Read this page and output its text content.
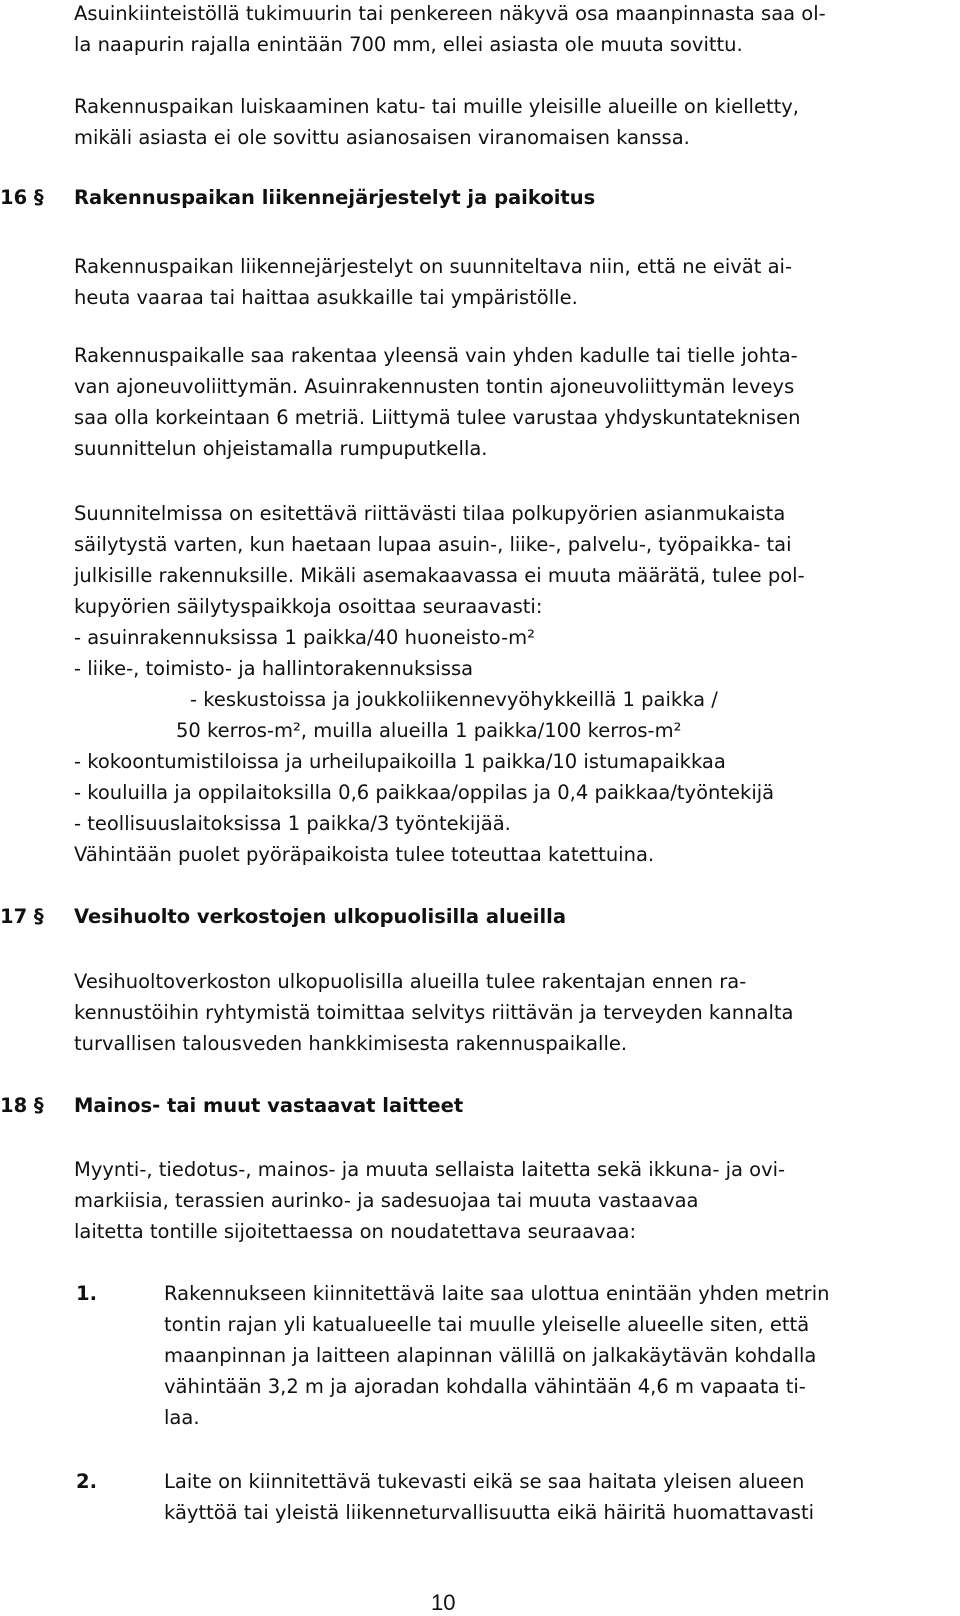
Asuinkiinteistöllä tukimuurin tai penkereen näkyvä osa maanpinnasta saa ol-
la naapurin rajalla enintään 700 mm, ellei asiasta ole muuta sovittu.
Rakennuspaikan luiskaaminen katu- tai muille yleisille alueille on kielletty,
mikäli asiasta ei ole sovittu asianosaisen viranomaisen kanssa.
16 § Rakennuspaikan liikennejärjestelyt ja paikoitus
Rakennuspaikan liikennejärjestelyt on suunniteltava niin, että ne eivät ai-
heuta vaaraa tai haittaa asukkaille tai ympäristölle.
Rakennuspaikalle saa rakentaa yleensä vain yhden kadulle tai tielle johta-
van ajoneuvoliittymän. Asuinrakennusten tontin ajoneuvoliittymän leveys
saa olla korkeintaan 6 metriä. Liittymä tulee varustaa yhdyskuntateknisen
suunnittelun ohjeistamalla rumpuputkella.
Suunnitelmissa on esitettävä riittävästi tilaa polkupyörien asianmukaista
säilytystä varten, kun haetaan lupaa asuin-, liike-, palvelu-, työpaikka- tai
julkisille rakennuksille. Mikäli asemakaavassa ei muuta määrätä, tulee pol-
kupyörien säilytyspaikkoja osoittaa seuraavasti:
- asuinrakennuksissa 1 paikka/40 huoneisto-m²
- liike-, toimisto- ja hallintorakennuksissa
- keskustoissa ja joukkoliikennevyöhykkeillä 1 paikka /
50 kerros-m², muilla alueilla 1 paikka/100 kerros-m²
- kokoontumistiloissa ja urheilupaikoilla 1 paikka/10 istumapaikkaa
- kouluilla ja oppilaitoksilla 0,6 paikkaa/oppilas ja 0,4 paikkaa/työntekijä
- teollisuuslaitoksissa 1 paikka/3 työntekijää.
Vähintään puolet pyöräpaikoista tulee toteuttaa katettuina.
17 § Vesihuolto verkostojen ulkopuolisilla alueilla
Vesihuoltoverkoston ulkopuolisilla alueilla tulee rakentajan ennen ra-
kennustöihin ryhtymistä toimittaa selvitys riittävän ja terveyden kannalta
turvallisen talousveden hankkimisesta rakennuspaikalle.
18 § Mainos- tai muut vastaavat laitteet
Myynti-, tiedotus-, mainos- ja muuta sellaista laitetta sekä ikkuna- ja ovi-
markiisia, terassien aurinko- ja sadesuojaa tai muuta vastaavaa
laitetta tontille sijoitettaessa on noudatettava seuraavaa:
1.	Rakennukseen kiinnitettävä laite saa ulottua enintään yhden metrin
tontin rajan yli katualueelle tai muulle yleiselle alueelle siten, että
maanpinnan ja laitteen alapinnan välillä on jalkakäytävän kohdalla
vähintään 3,2 m ja ajoradan kohdalla vähintään 4,6 m vapaata ti-
laa.
2.	Laite on kiinnitettävä tukevasti eikä se saa haitata yleisen alueen
käyttöä tai yleistä liikenneturvallisuutta eikä häiritä huomattavasti
10
